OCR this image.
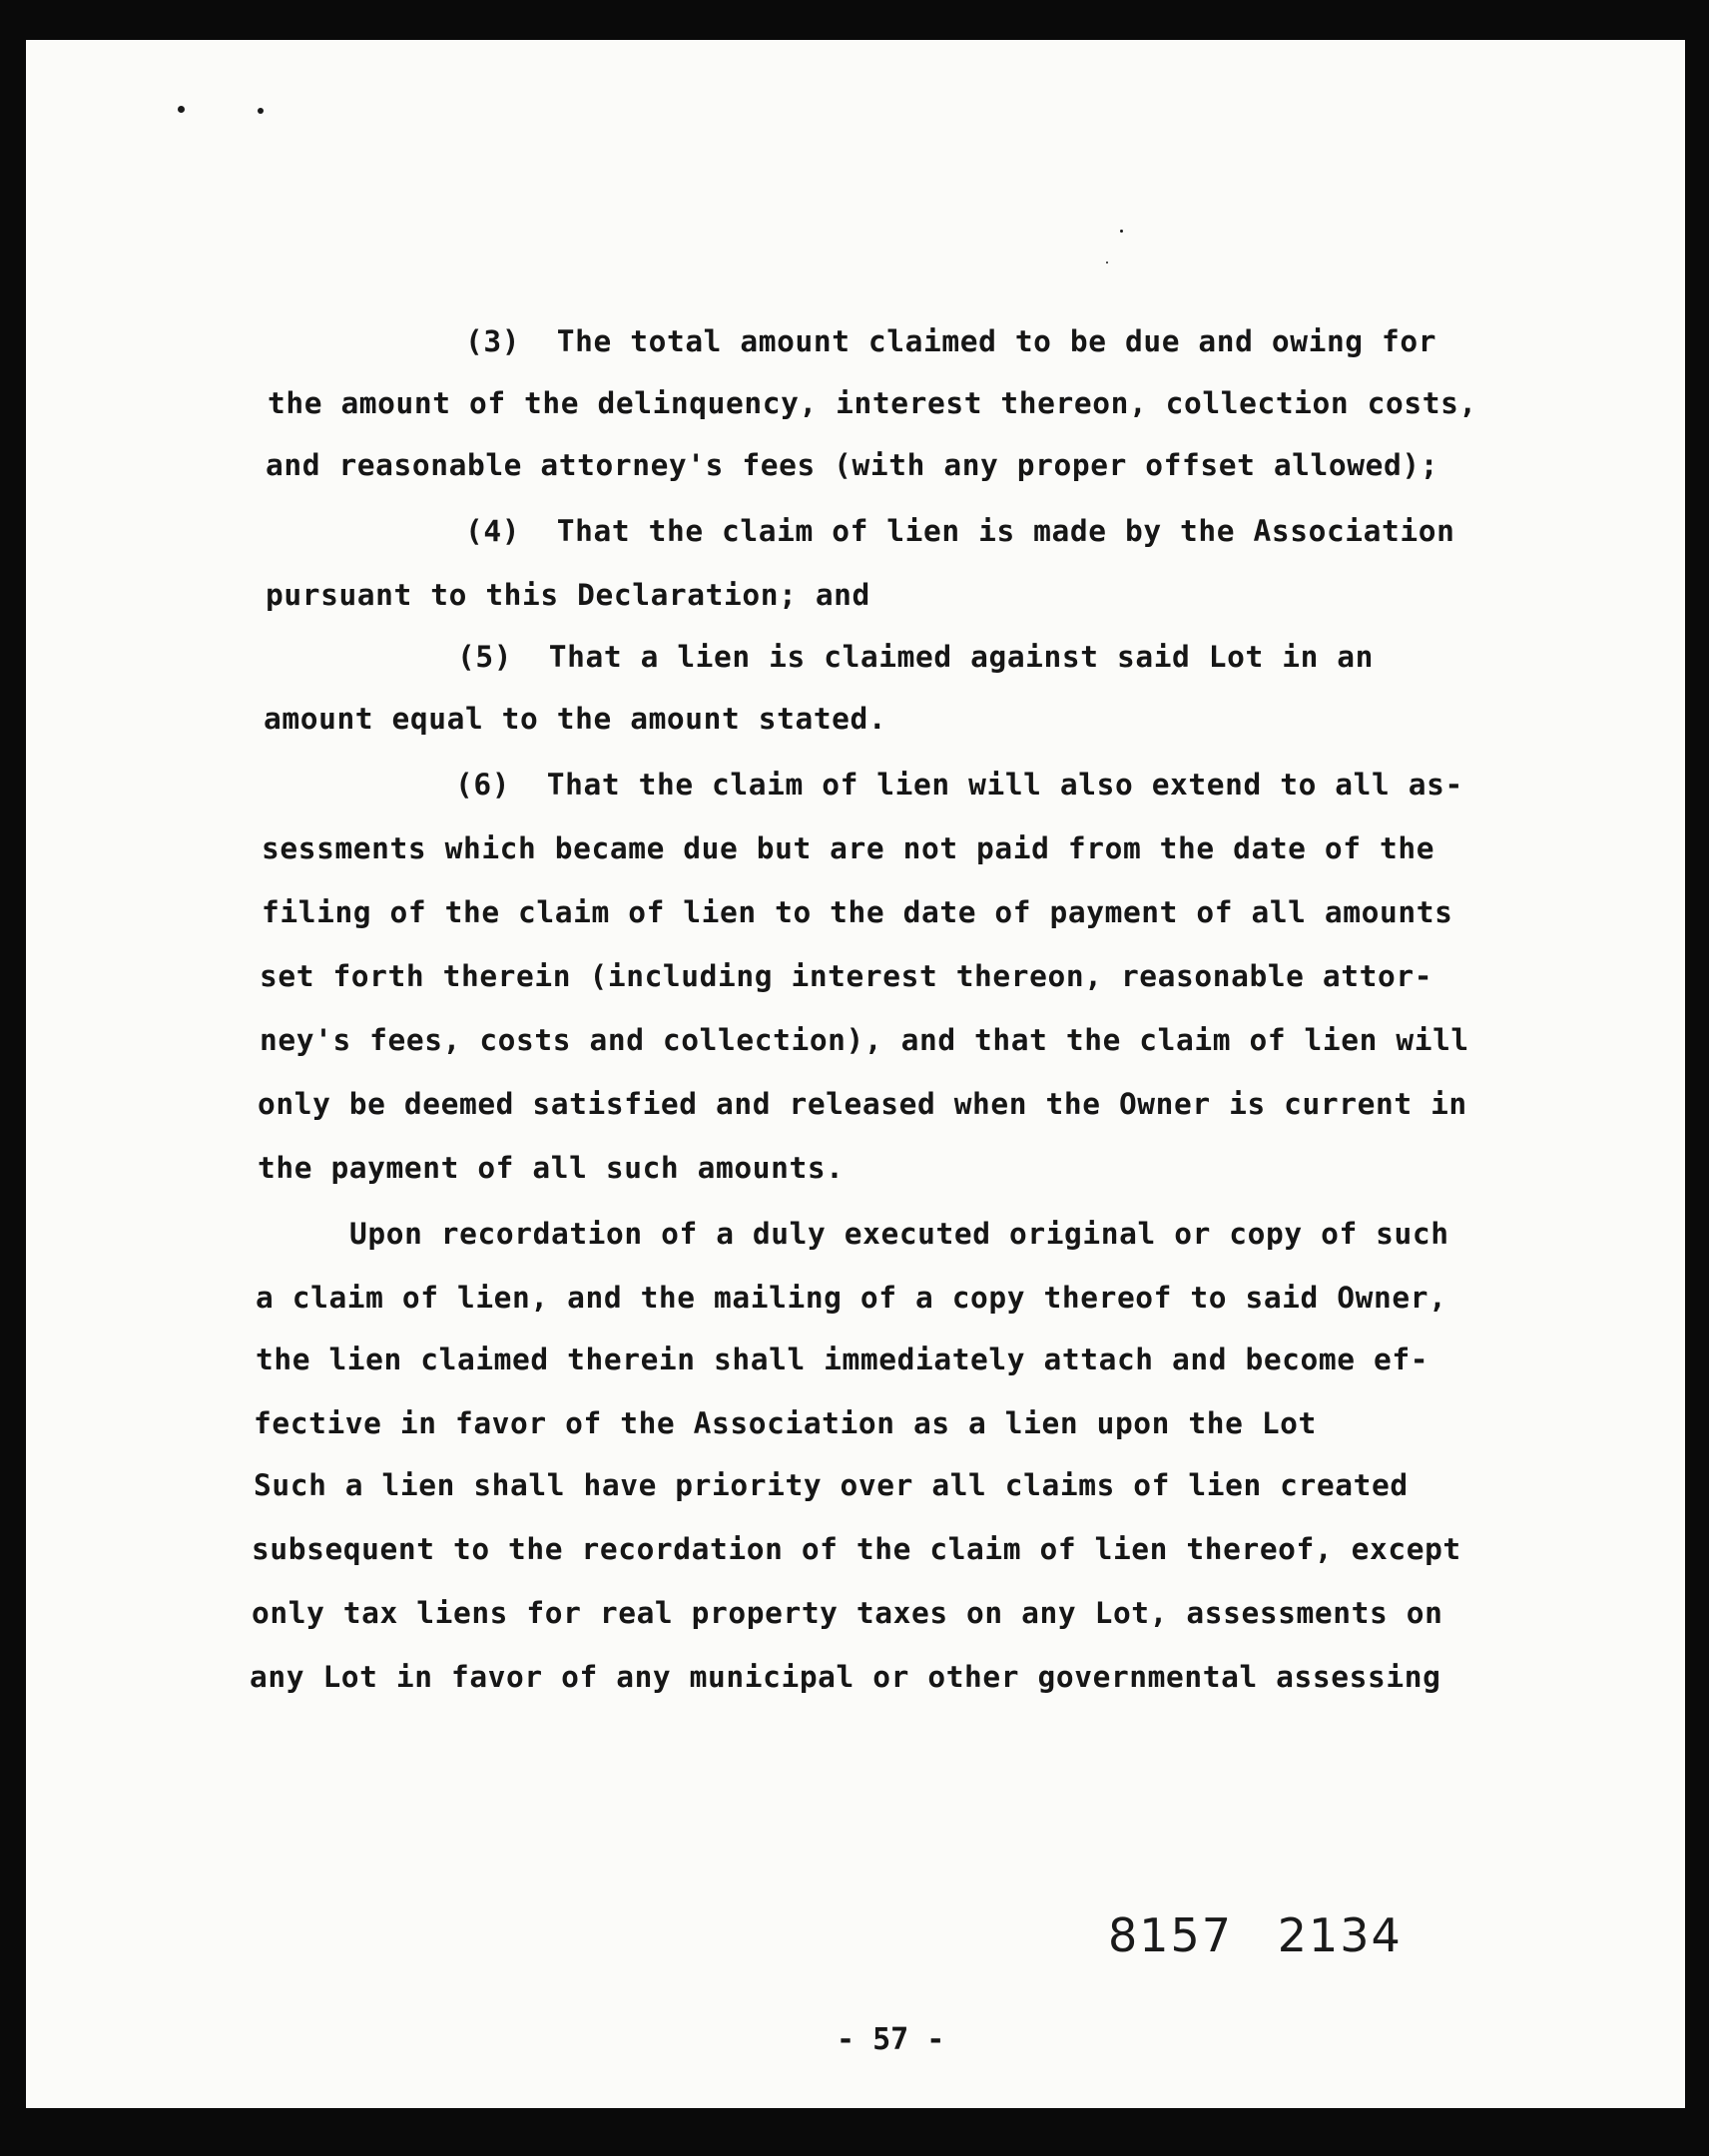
(3)  The total amount claimed to be due and owing for
the amount of the delinquency, interest thereon, collection costs,
and reasonable attorney's fees (with any proper offset allowed);
(4)  That the claim of lien is made by the Association
pursuant to this Declaration; and
(5)  That a lien is claimed against said Lot in an
amount equal to the amount stated.
(6)  That the claim of lien will also extend to all as-
sessments which became due but are not paid from the date of the
filing of the claim of lien to the date of payment of all amounts
set forth therein (including interest thereon, reasonable attor-
ney's fees, costs and collection), and that the claim of lien will
only be deemed satisfied and released when the Owner is current in
the payment of all such amounts.
Upon recordation of a duly executed original or copy of such
a claim of lien, and the mailing of a copy thereof to said Owner,
the lien claimed therein shall immediately attach and become ef-
fective in favor of the Association as a lien upon the Lot
Such a lien shall have priority over all claims of lien created
subsequent to the recordation of the claim of lien thereof, except
only tax liens for real property taxes on any Lot, assessments on
any Lot in favor of any municipal or other governmental assessing
8157 2134
- 57 -
